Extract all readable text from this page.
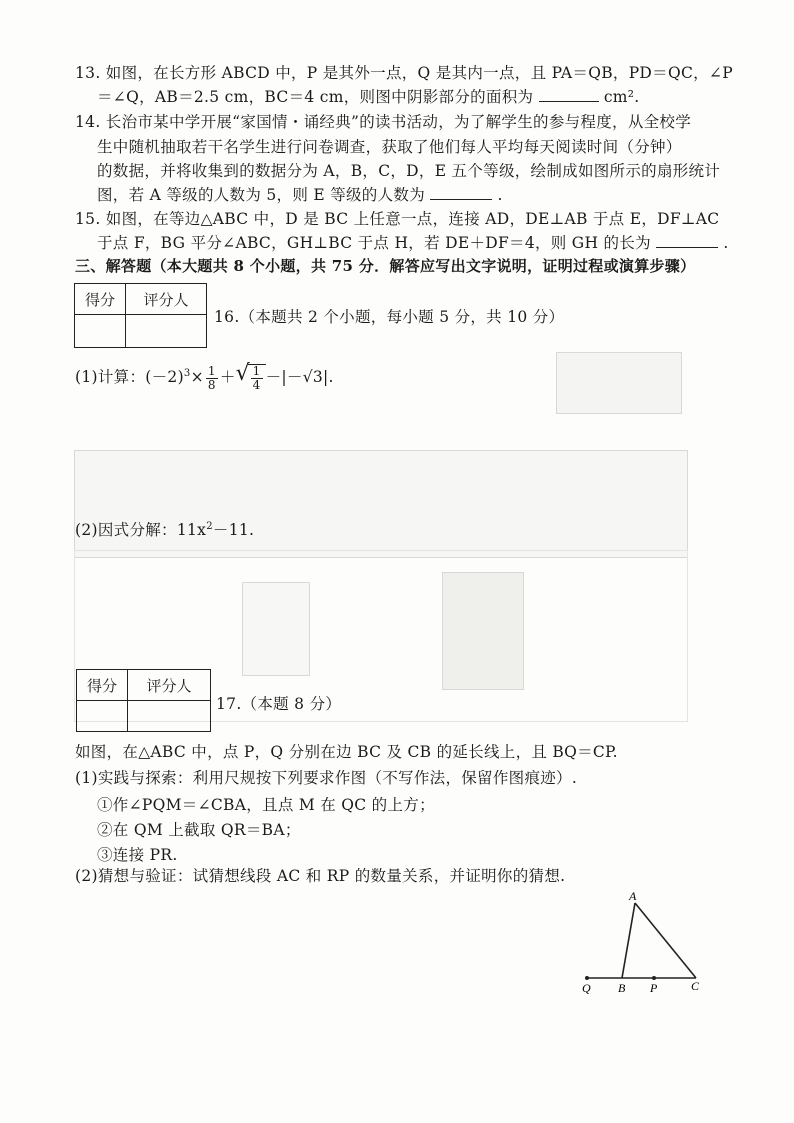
13. 如图，在长方形 ABCD 中，P 是其外一点，Q 是其内一点，且 PA＝QB，PD＝QC，∠P
＝∠Q，AB＝2.5 cm，BC＝4 cm，则图中阴影部分的面积为	cm².
14. 长治市某中学开展“家国情・诵经典”的读书活动，为了解学生的参与程度，从全校学
生中随机抽取若干名学生进行问卷调查，获取了他们每人平均每天阅读时间（分钟）
的数据，并将收集到的数据分为 A，B，C，D，E 五个等级，绘制成如图所示的扇形统计
图，若 A 等级的人数为 5，则 E 等级的人数为	.
15. 如图，在等边△ABC 中，D 是 BC 上任意一点，连接 AD，DE⊥AB 于点 E，DF⊥AC
于点 F，BG 平分∠ABC，GH⊥BC 于点 H，若 DE＋DF＝4，则 GH 的长为	.
三、解答题（本大题共 8 个小题，共 75 分．解答应写出文字说明，证明过程或演算步骤）
得分	评分人

16.（本题共 2 个小题，每小题 5 分，共 10 分）
(1)计算：$(-2)^3\times \frac{1}{8}$ ＋ √ $\frac{1}{4} -|-√3|$.
(2)因式分解：$11x^2-11$.
得分	评分人

17.（本题 8 分）
如图，在△ABC 中，点 P，Q 分别在边 BC 及 CB 的延长线上，且 BQ＝CP.
(1)实践与探索：利用尺规按下列要求作图（不写作法，保留作图痕迹）.
①作∠PQM＝∠CBA，且点 M 在 QC 的上方；
②在 QM 上截取 QR＝BA；
③连接 PR.
(2)猜想与验证：试猜想线段 AC 和 RP 的数量关系，并证明你的猜想.
A
Q B P	C
